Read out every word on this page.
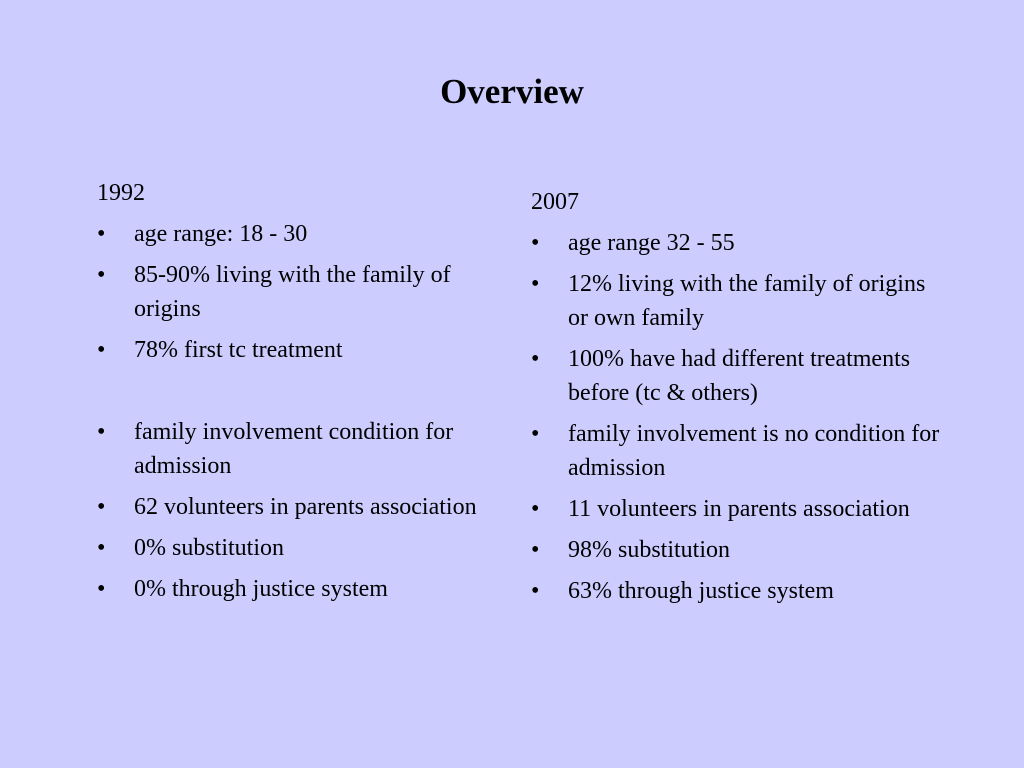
Overview
1992
•	age range: 18 - 30
•	85-90% living with the family of origins
•	78% first tc treatment
•	family involvement condition for admission
•	62 volunteers in parents association
•	0% substitution
•	0% through justice system
2007
•	age range 32 - 55
•	12% living with the family of origins or own family
•	100% have had different treatments before (tc & others)
•	family involvement is no condition for admission
•	11 volunteers in parents association
•	98% substitution
•	63% through justice system
